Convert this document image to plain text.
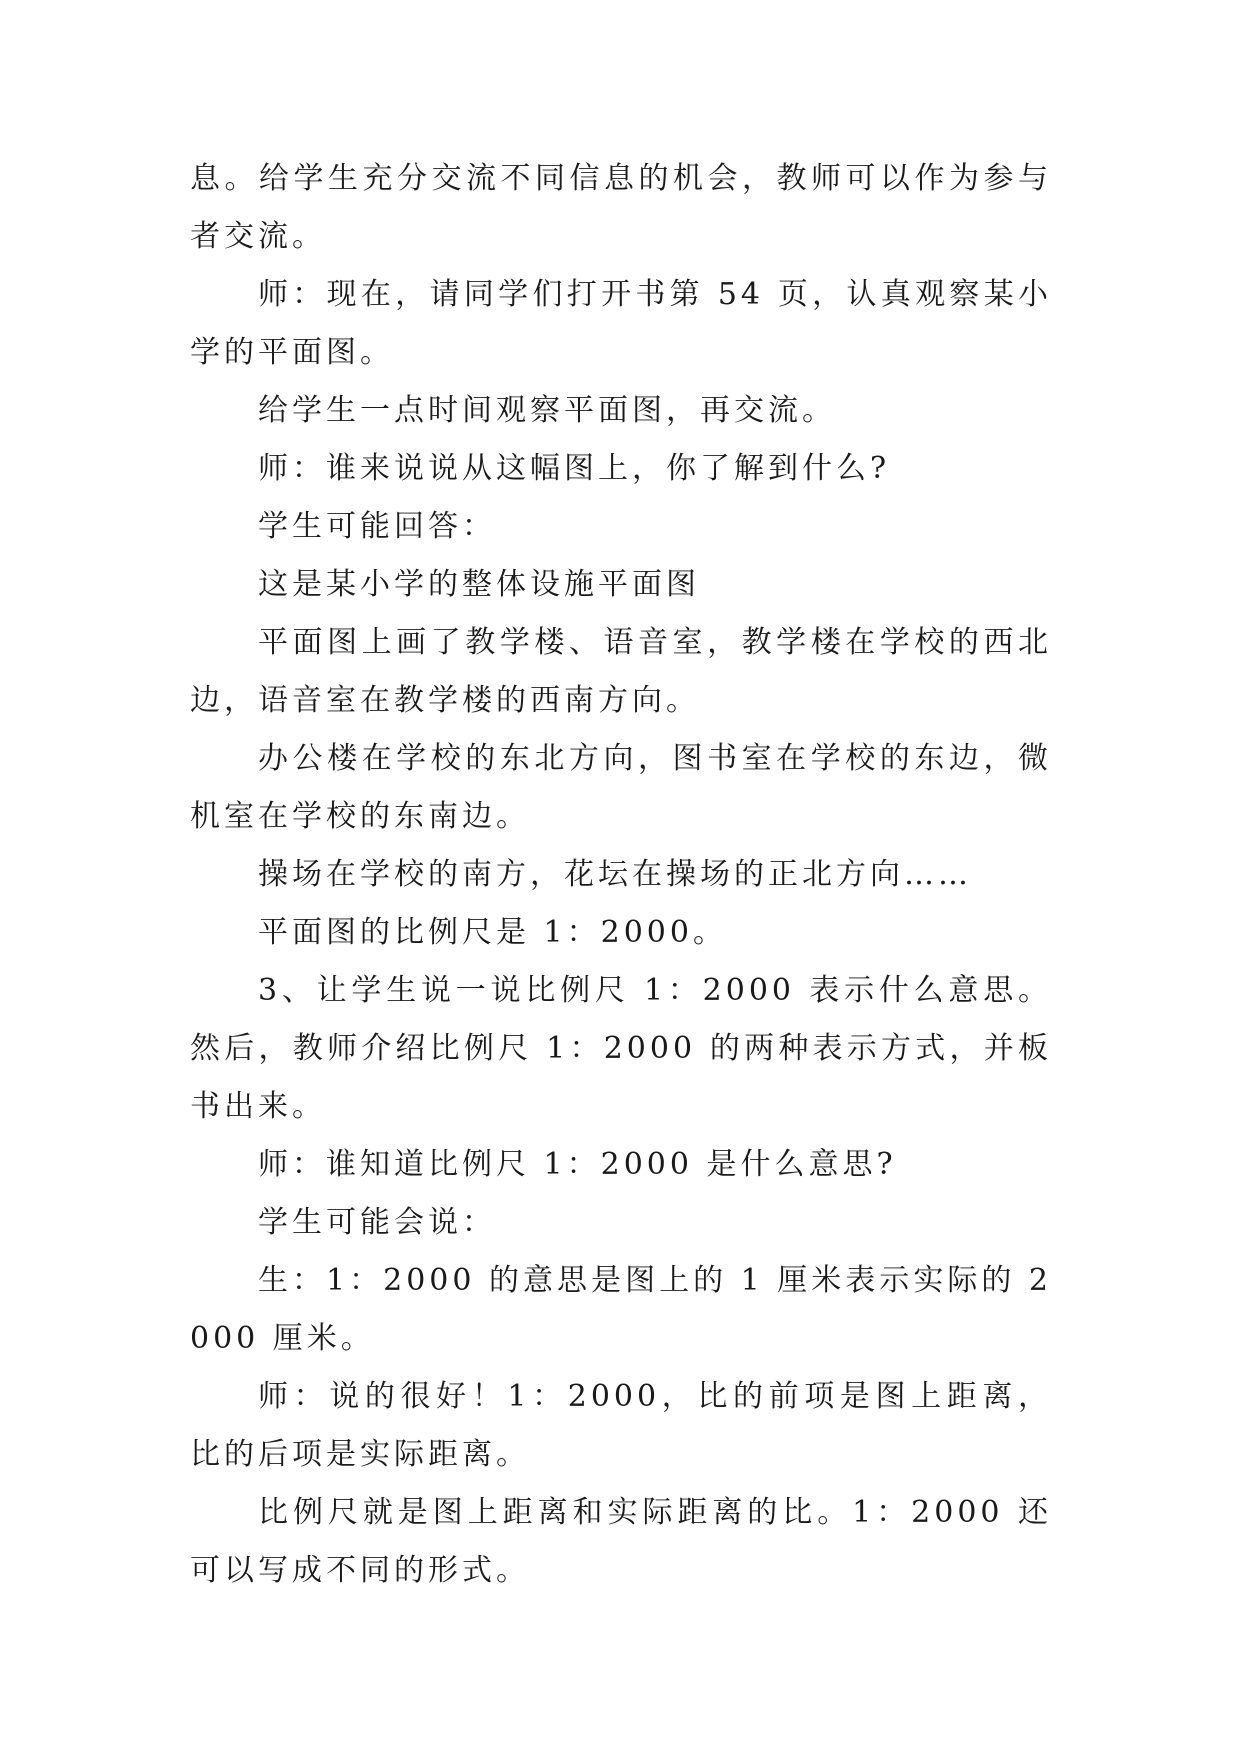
息。给学生充分交流不同信息的机会，教师可以作为参与者交流。

师：现在，请同学们打开书第 54 页，认真观察某小学的平面图。

给学生一点时间观察平面图，再交流。

师：谁来说说从这幅图上，你了解到什么?

学生可能回答：

这是某小学的整体设施平面图

平面图上画了教学楼、语音室，教学楼在学校的西北边，语音室在教学楼的西南方向。

办公楼在学校的东北方向，图书室在学校的东边，微机室在学校的东南边。

操场在学校的南方，花坛在操场的正北方向……

平面图的比例尺是 1：2000。

3、让学生说一说比例尺 1：2000 表示什么意思。然后，教师介绍比例尺 1：2000 的两种表示方式，并板书出来。

师：谁知道比例尺 1：2000 是什么意思?

学生可能会说：

生：1：2000 的意思是图上的 1 厘米表示实际的 2000 厘米。

师：说的很好！1：2000，比的前项是图上距离，比的后项是实际距离。

比例尺就是图上距离和实际距离的比。1：2000 还可以写成不同的形式。
